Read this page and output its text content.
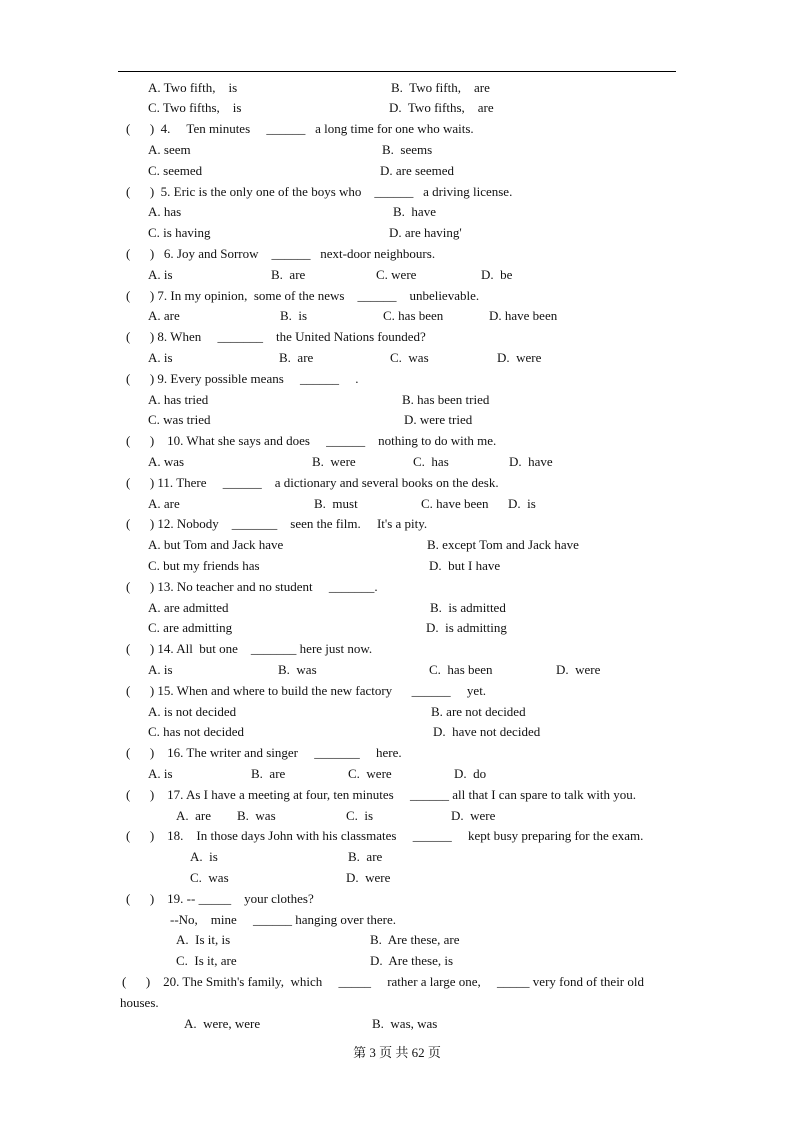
A. Two fifth,    is	B.  Two fifth,    are
C. Two fifths,    is	D.  Two fifths,    are
(      )  4.     Ten minutes     ______   a long time for one who waits.
A. seem	B.  seems
C. seemed	D. are seemed
(      )  5. Eric is the only one of the boys who    ______   a driving license.
A. has	B.  have
C. is having	D. are having'
(      )   6. Joy and Sorrow    ______   next-door neighbours.
A. is	B.  are	C. were	D.  be
(      ) 7. In my opinion,  some of the news    ______    unbelievable.
A. are	B.  is	C. has been	D. have been
(      ) 8. When     _______    the United Nations founded?
A. is	B.  are	C.  was	D.  were
(      ) 9. Every possible means     ______     .
A. has tried	B. has been tried
C. was tried	D. were tried
(      )    10. What she says and does     ______    nothing to do with me.
A. was	B.  were	C.  has	D.  have
(      ) 11. There     ______    a dictionary and several books on the desk.
A. are	B.  must	C. have been      D.  is
(      ) 12. Nobody    _______    seen the film.     It's a pity.
A. but Tom and Jack have	B. except Tom and Jack have
C. but my friends has	D.  but I have
(      ) 13. No teacher and no student     _______.
A. are admitted	B.  is admitted
C. are admitting	D.  is admitting
(      ) 14. All  but one    _______ here just now.
A. is	B.  was	C.  has been	D.  were
(      ) 15. When and where to build the new factory      ______     yet.
A. is not decided	B. are not decided
C. has not decided	D.  have not decided
(      )    16. The writer and singer     _______     here.
A. is	B.  are	C.  were	D.  do
(      )    17. As I have a meeting at four, ten minutes     ______ all that I can spare to talk with you.
A.  are B.  was	C.  is	D.  were
(      )    18.    In those days John with his classmates     ______     kept busy preparing for the exam.
A.  is	B.  are
C.  was	D.  were
(      )    19. -- _____    your clothes?
--No,    mine     ______ hanging over there.
A.  Is it, is	B.  Are these, are
C.  Is it, are	D.  Are these, is
(      )    20. The Smith's family,  which     _____     rather a large one,     _____ very fond of their old
houses.
A.  were, were	B.  was, was
第 3 页 共 62 页
